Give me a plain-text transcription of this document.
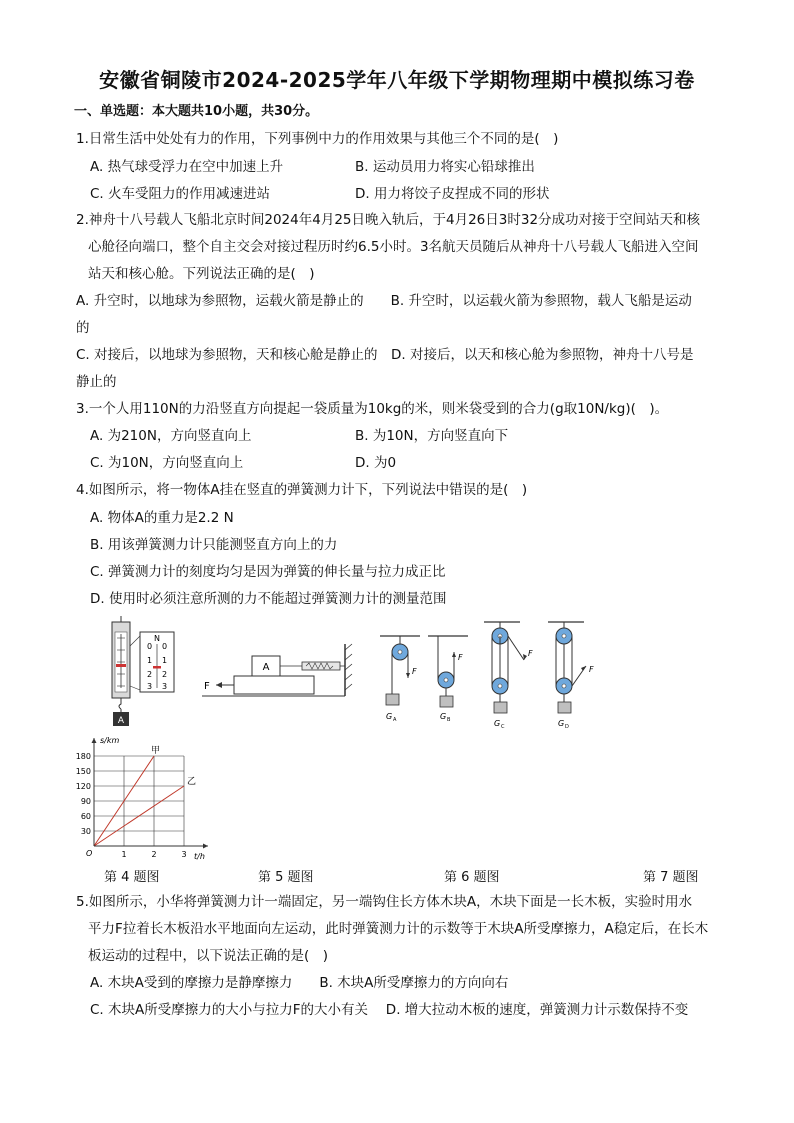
安徽省铜陵市2024-2025学年八年级下学期物理期中模拟练习卷
一、单选题：本大题共10小题，共30分。
1.日常生活中处处有力的作用，下列事例中力的作用效果与其他三个不同的是(　)
A. 热气球受浮力在空中加速上升	B. 运动员用力将实心铅球推出
C. 火车受阻力的作用减速进站	D. 用力将饺子皮捏成不同的形状
2.神舟十八号载人飞船北京时间2024年4月25日晚入轨后，于4月26日3时32分成功对接于空间站天和核
心舱径向端口，整个自主交会对接过程历时约6.5小时。3名航天员随后从神舟十八号载人飞船进入空间
站天和核心舱。下列说法正确的是(　)
A. 升空时，以地球为参照物，运载火箭是静止的　　B. 升空时，以运载火箭为参照物，载人飞船是运动
的
C. 对接后，以地球为参照物，天和核心舱是静止的　D. 对接后，以天和核心舱为参照物，神舟十八号是
静止的
3.一个人用110N的力沿竖直方向提起一袋质量为10kg的米，则米袋受到的合力(g取10N/kg)(　)。
A. 为210N，方向竖直向上	B. 为10N，方向竖直向下
C. 为10N，方向竖直向上	D. 为0
4.如图所示，将一物体A挂在竖直的弹簧测力计下，下列说法中错误的是(　)
A. 物体A的重力是2.2 N
B. 用该弹簧测力计只能测竖直方向上的力
C. 弹簧测力计的刻度均匀是因为弹簧的伸长量与拉力成正比
D. 使用时必须注意所测的力不能超过弹簧测力计的测量范围
A
N
0
1
2
3
0
1
2
3
A
F
F
G A
F
G B
F
G C
F
G D
甲
乙
s/km
t/h
O
30
60
90
120
150
180
1	2	3
第 4 题图	第 5 题图	第 6 题图	第 7 题图
5.如图所示，小华将弹簧测力计一端固定，另一端钩住长方体木块A，木块下面是一长木板，实验时用水
平力F拉着长木板沿水平地面向左运动，此时弹簧测力计的示数等于木块A所受摩擦力，A稳定后，在长木
板运动的过程中，以下说法正确的是(　)
A. 木块A受到的摩擦力是静摩擦力　　B. 木块A所受摩擦力的方向向右
C. 木块A所受摩擦力的大小与拉力F的大小有关　 D. 增大拉动木板的速度，弹簧测力计示数保持不变
